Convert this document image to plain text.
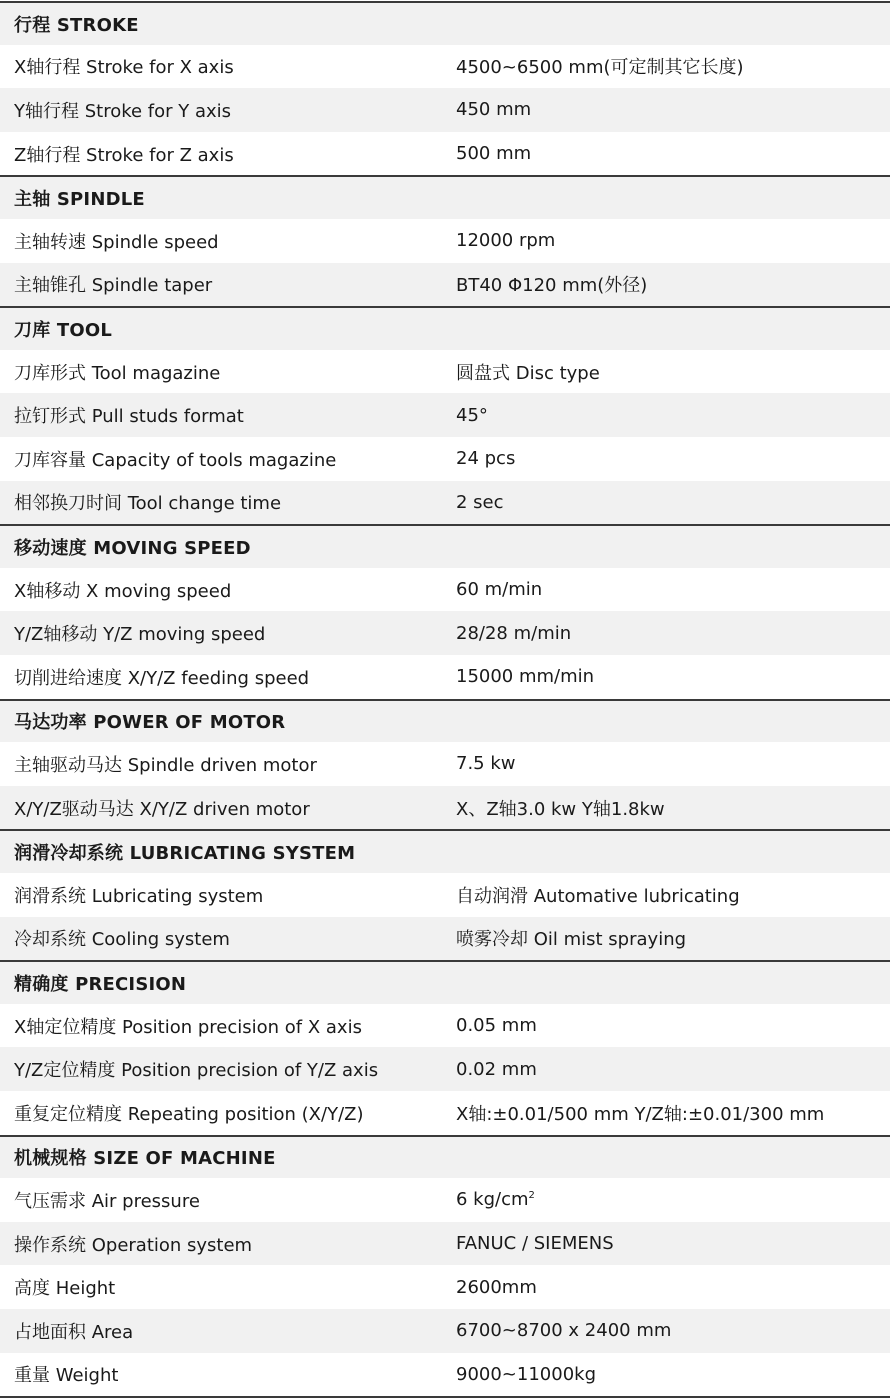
行程 STROKE
X轴行程 Stroke for X axis	4500~6500 mm(可定制其它长度)
Y轴行程 Stroke for Y axis	450 mm
Z轴行程 Stroke for Z axis	500 mm
主轴 SPINDLE
主轴转速 Spindle speed	12000 rpm
主轴锥孔 Spindle taper	BT40 Φ120 mm(外径)
刀库 TOOL
刀库形式 Tool magazine	圆盘式 Disc type
拉钉形式 Pull studs format	45°
刀库容量 Capacity of tools magazine	24 pcs
相邻换刀时间 Tool change time	2 sec
移动速度 MOVING SPEED
X轴移动 X moving speed	60 m/min
Y/Z轴移动 Y/Z moving speed	28/28 m/min
切削进给速度 X/Y/Z feeding speed	15000 mm/min
马达功率 POWER OF MOTOR
主轴驱动马达 Spindle driven motor	7.5 kw
X/Y/Z驱动马达 X/Y/Z driven motor	X、Z轴3.0 kw Y轴1.8kw
润滑冷却系统 LUBRICATING SYSTEM
润滑系统 Lubricating system	自动润滑 Automative lubricating
冷却系统 Cooling system	喷雾冷却 Oil mist spraying
精确度 PRECISION
X轴定位精度 Position precision of X axis	0.05 mm
Y/Z定位精度 Position precision of Y/Z axis	0.02 mm
重复定位精度 Repeating position (X/Y/Z)	X轴:±0.01/500 mm Y/Z轴:±0.01/300 mm
机械规格 SIZE OF MACHINE
气压需求 Air pressure	6 $kg/cm^2$
操作系统 Operation system	FANUC / SIEMENS
高度 Height	2600mm
占地面积 Area	6700~8700 x 2400 mm
重量 Weight	9000~11000kg
